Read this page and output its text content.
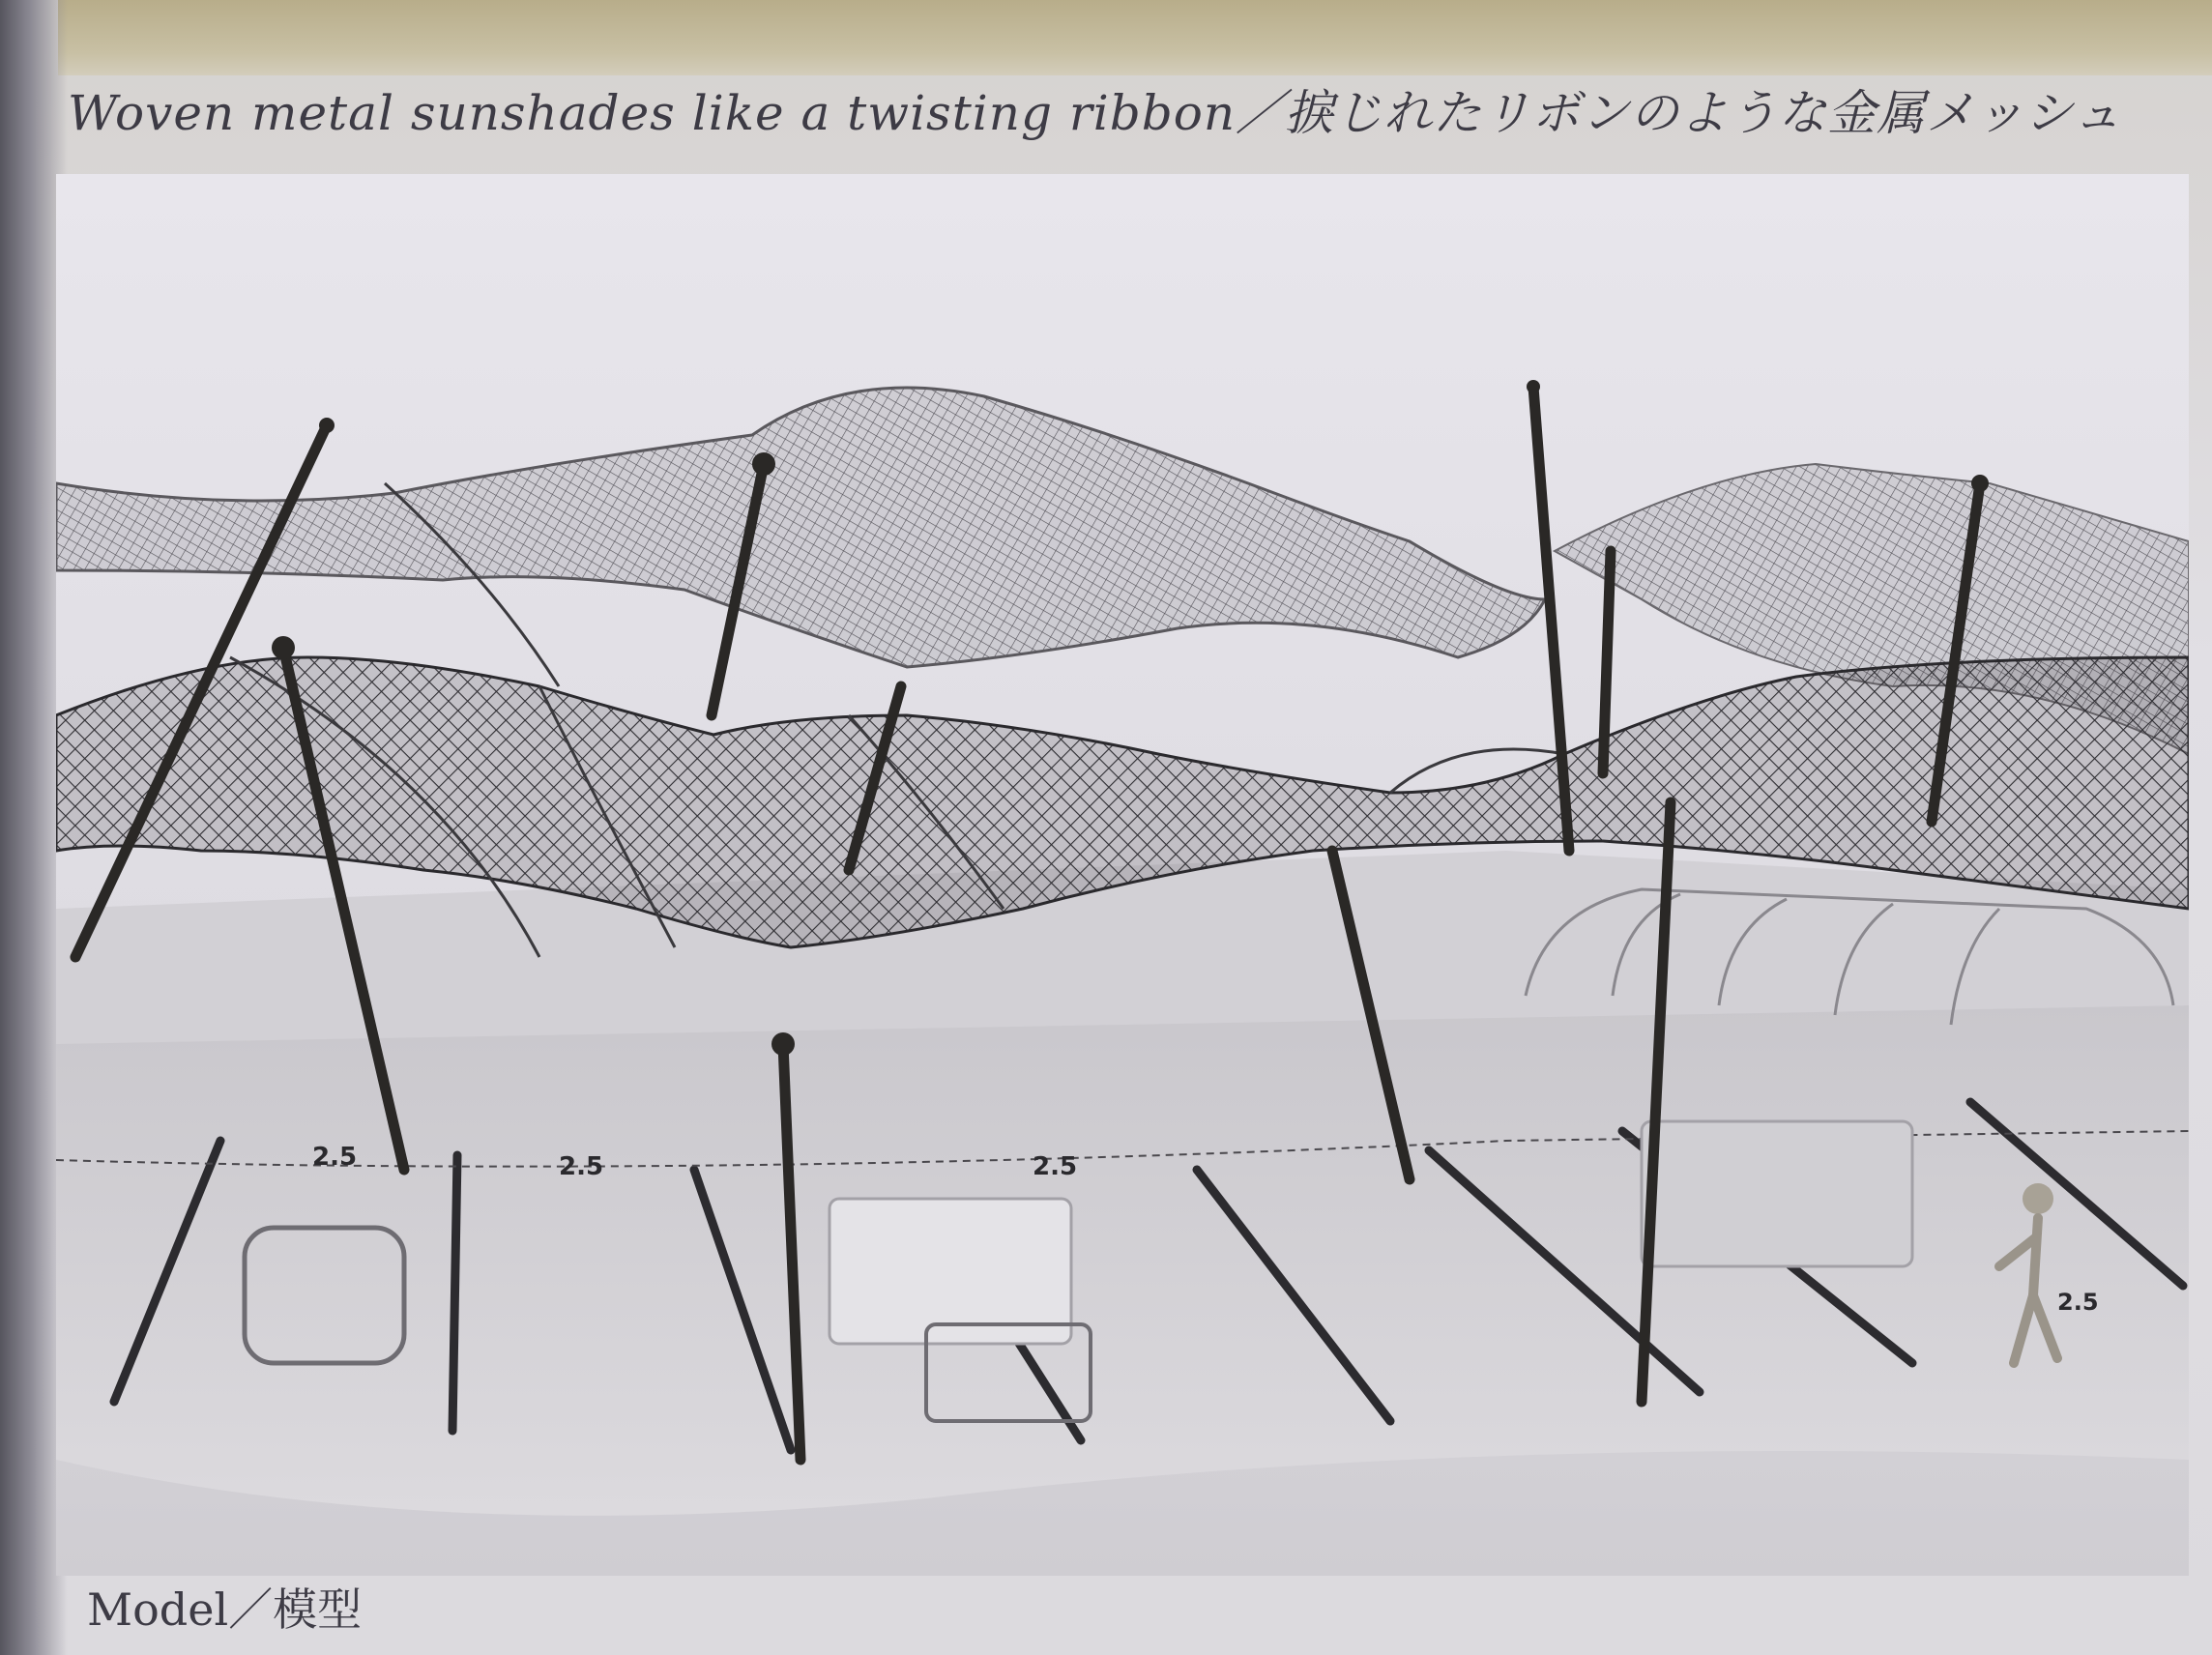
Woven metal sunshades like a twisting ribbon／捩じれたリボンのような金属メッシュ
2.5	2.5	2.5
2.5
Model／模型
